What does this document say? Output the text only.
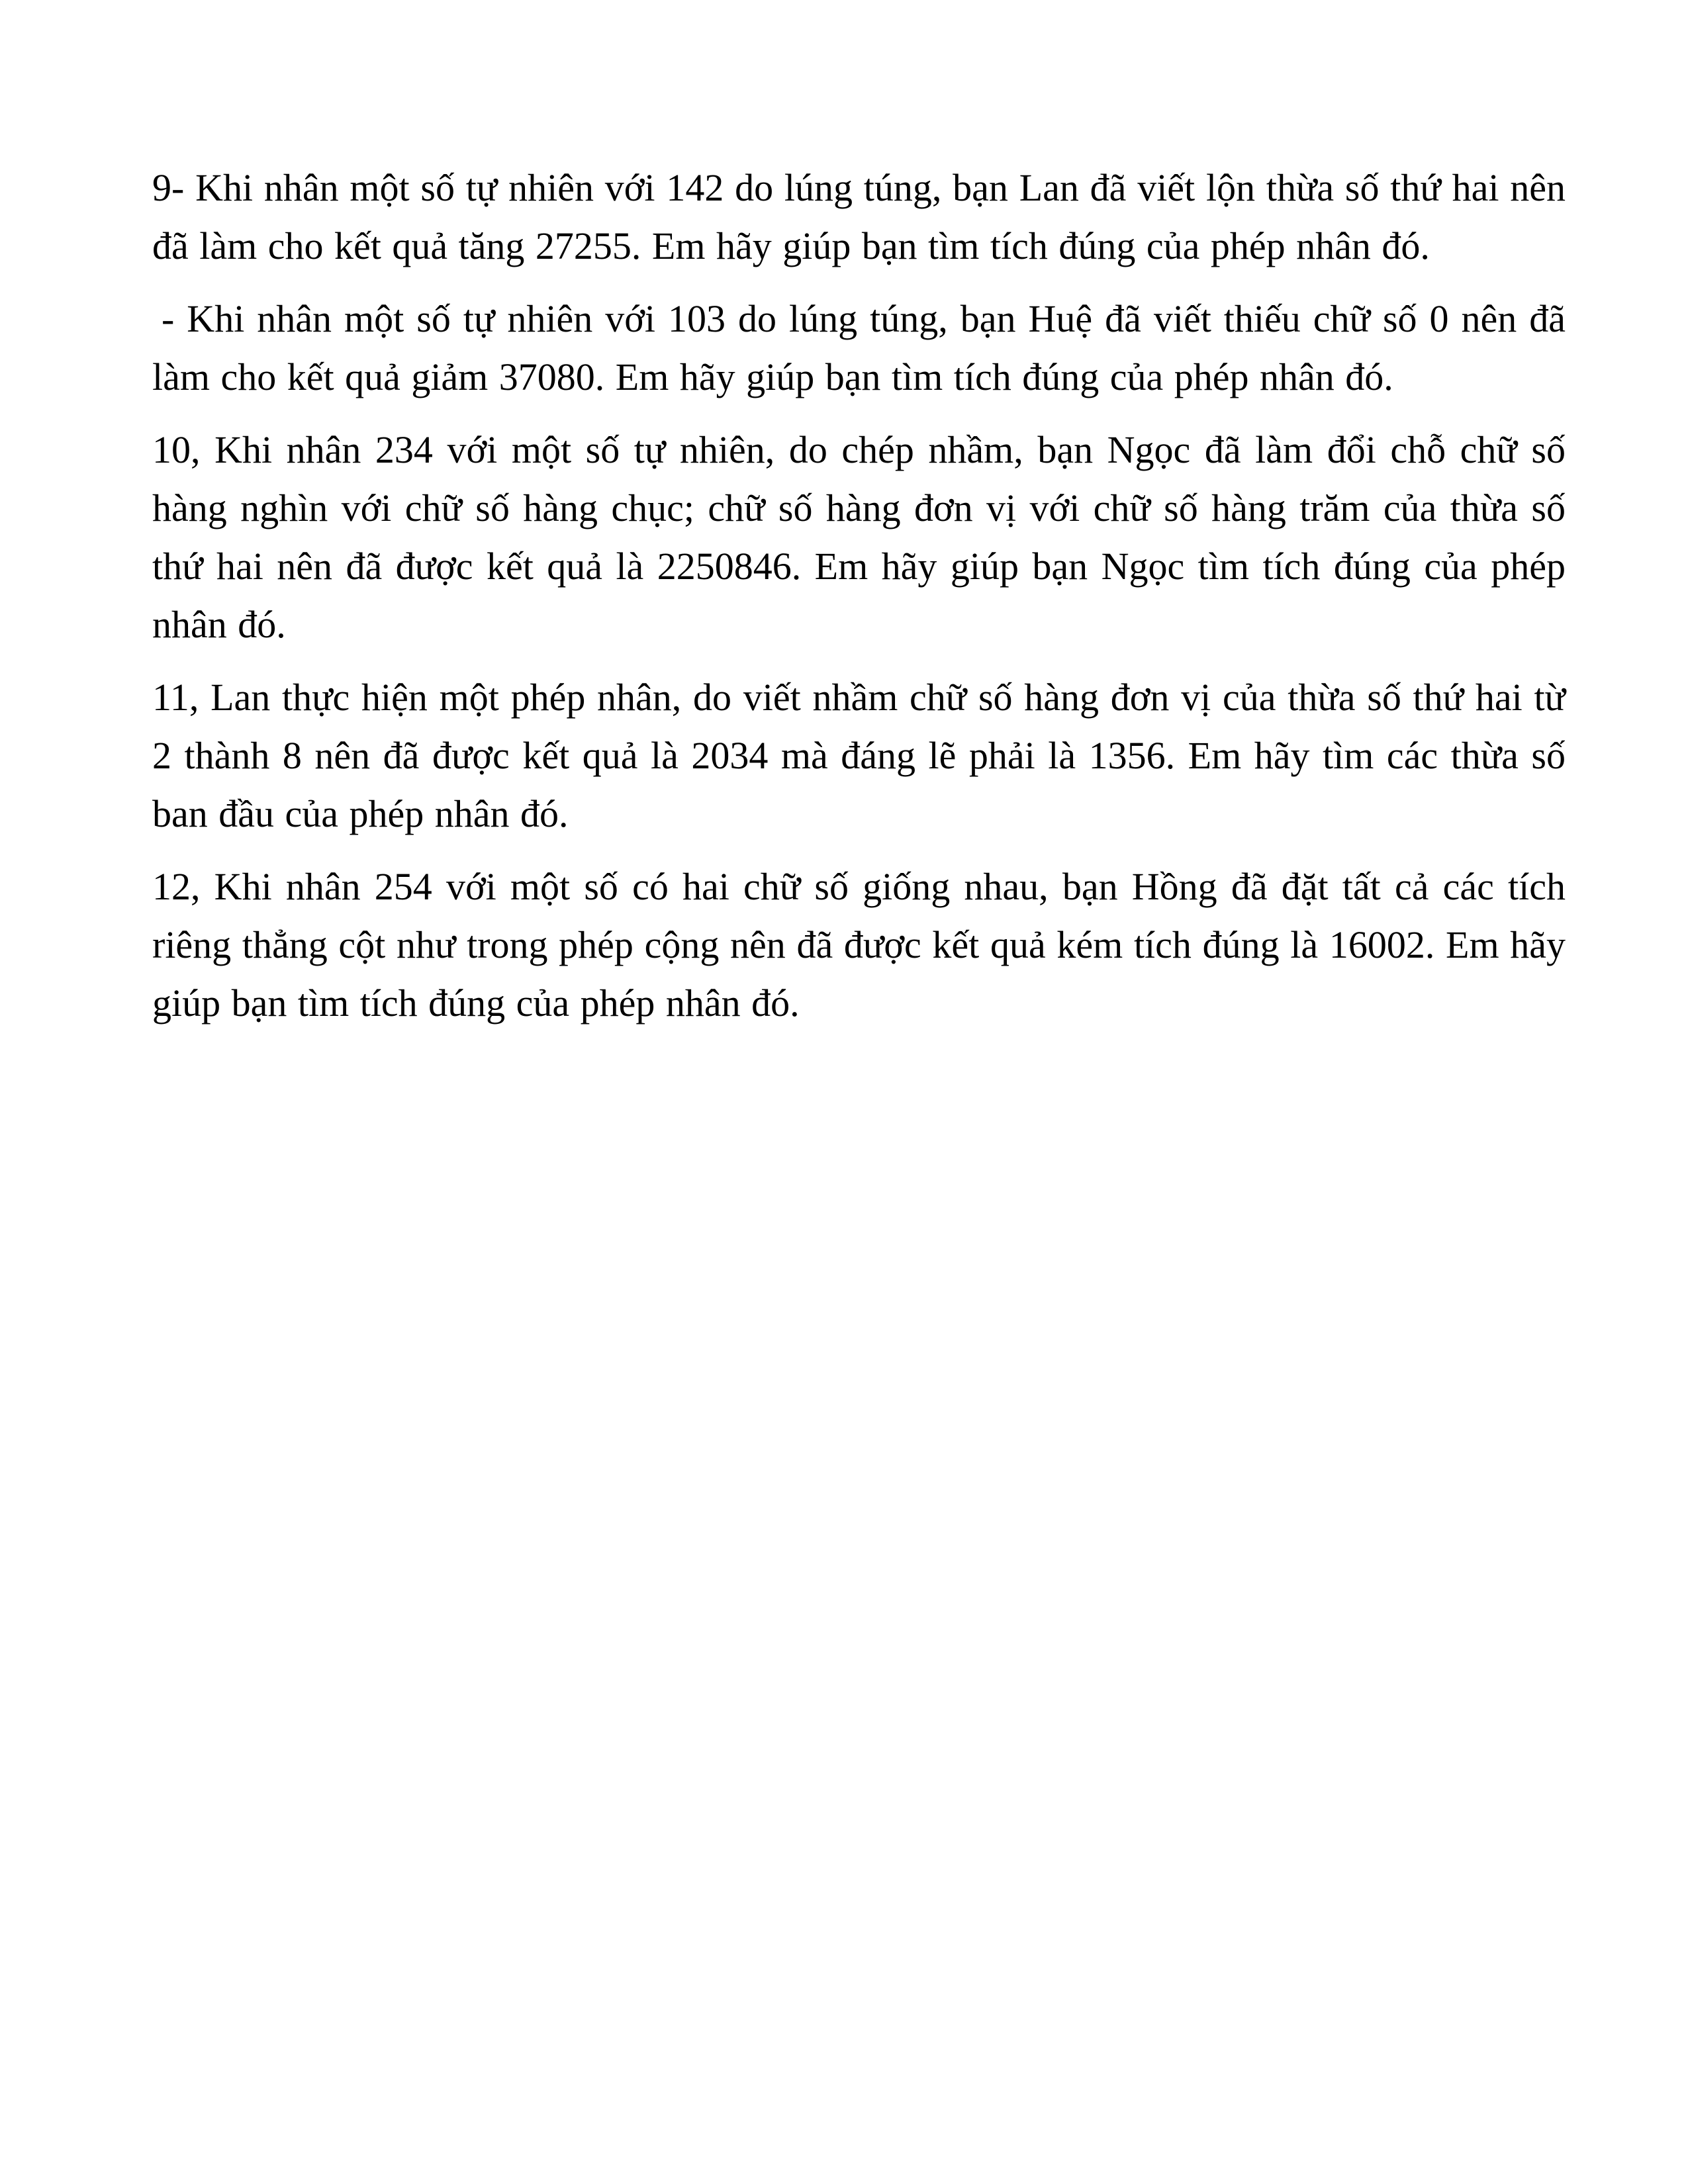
9- Khi nhân một số tự nhiên với 142 do lúng túng, bạn Lan đã viết lộn thừa số thứ hai nên đã làm cho kết quả tăng 27255. Em hãy giúp bạn tìm tích đúng của phép nhân đó.

- Khi nhân một số tự nhiên với 103 do lúng túng, bạn Huệ đã viết thiếu chữ số 0 nên đã làm cho kết quả giảm 37080. Em hãy giúp bạn tìm tích đúng của phép nhân đó.

10, Khi nhân 234 với một số tự nhiên, do chép nhầm, bạn Ngọc đã làm đổi chỗ chữ số hàng nghìn với chữ số hàng chục; chữ số hàng đơn vị với chữ số hàng trăm của thừa số thứ hai nên đã được kết quả là 2250846. Em hãy giúp bạn Ngọc tìm tích đúng của phép nhân đó.

11, Lan thực hiện một phép nhân, do viết nhầm chữ số hàng đơn vị của thừa số thứ hai từ 2 thành 8 nên đã được kết quả là 2034 mà đáng lẽ phải là 1356. Em hãy tìm các thừa số ban đầu của phép nhân đó.

12, Khi nhân 254 với một số có hai chữ số giống nhau, bạn Hồng đã đặt tất cả các tích riêng thẳng cột như trong phép cộng nên đã được kết quả kém tích đúng là 16002. Em hãy giúp bạn tìm tích đúng của phép nhân đó.
